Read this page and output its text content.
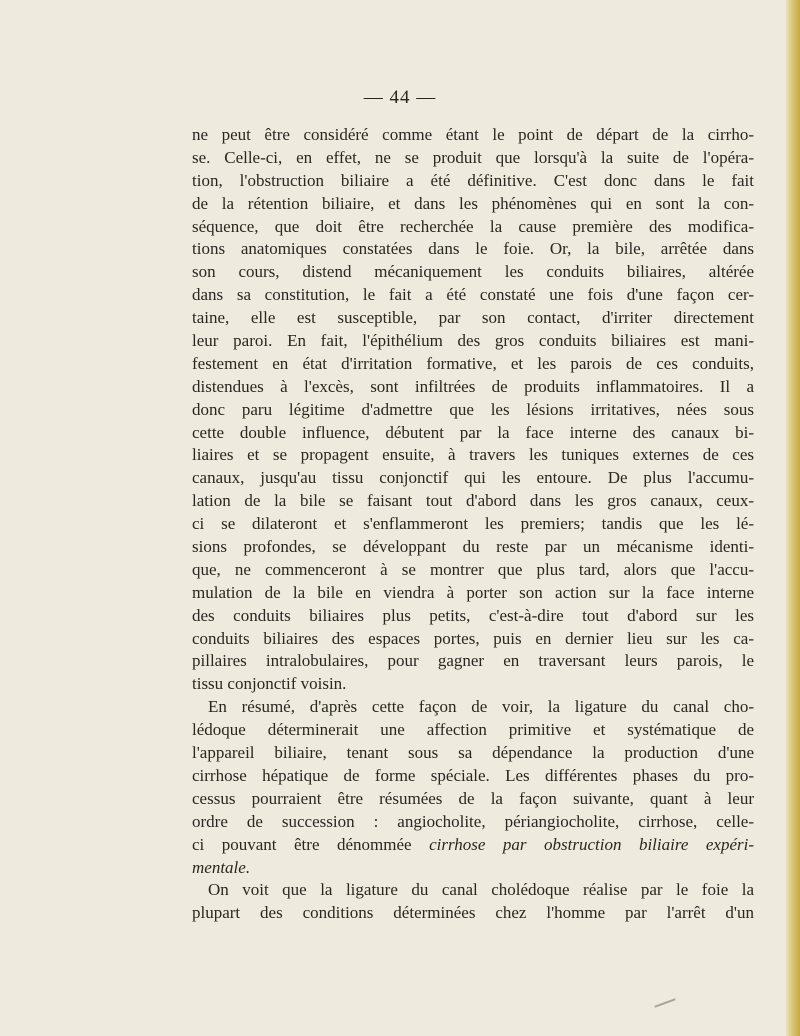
— 44 —
ne peut être considéré comme étant le point de départ de la cirrho-
se. Celle-ci, en effet, ne se produit que lorsqu'à la suite de l'opéra-
tion, l'obstruction biliaire a été définitive. C'est donc dans le fait
de la rétention biliaire, et dans les phénomènes qui en sont la con-
séquence, que doit être recherchée la cause première des modifica-
tions anatomiques constatées dans le foie. Or, la bile, arrêtée dans
son cours, distend mécaniquement les conduits biliaires, altérée
dans sa constitution, le fait a été constaté une fois d'une façon cer-
taine, elle est susceptible, par son contact, d'irriter directement
leur paroi. En fait, l'épithélium des gros conduits biliaires est mani-
festement en état d'irritation formative, et les parois de ces conduits,
distendues à l'excès, sont infiltrées de produits inflammatoires. Il a
donc paru légitime d'admettre que les lésions irritatives, nées sous
cette double influence, débutent par la face interne des canaux bi-
liaires et se propagent ensuite, à travers les tuniques externes de ces
canaux, jusqu'au tissu conjonctif qui les entoure. De plus l'accumu-
lation de la bile se faisant tout d'abord dans les gros canaux, ceux-
ci se dilateront et s'enflammeront les premiers; tandis que les lé-
sions profondes, se développant du reste par un mécanisme identi-
que, ne commenceront à se montrer que plus tard, alors que l'accu-
mulation de la bile en viendra à porter son action sur la face interne
des conduits biliaires plus petits, c'est-à-dire tout d'abord sur les
conduits biliaires des espaces portes, puis en dernier lieu sur les ca-
pillaires intralobulaires, pour gagner en traversant leurs parois, le
tissu conjonctif voisin.
En résumé, d'après cette façon de voir, la ligature du canal cho-
lédoque déterminerait une affection primitive et systématique de
l'appareil biliaire, tenant sous sa dépendance la production d'une
cirrhose hépatique de forme spéciale. Les différentes phases du pro-
cessus pourraient être résumées de la façon suivante, quant à leur
ordre de succession : angiocholite, périangiocholite, cirrhose, celle-
ci pouvant être dénommée cirrhose par obstruction biliaire expéri-
mentale.
On voit que la ligature du canal cholédoque réalise par le foie la
plupart des conditions déterminées chez l'homme par l'arrêt d'un
